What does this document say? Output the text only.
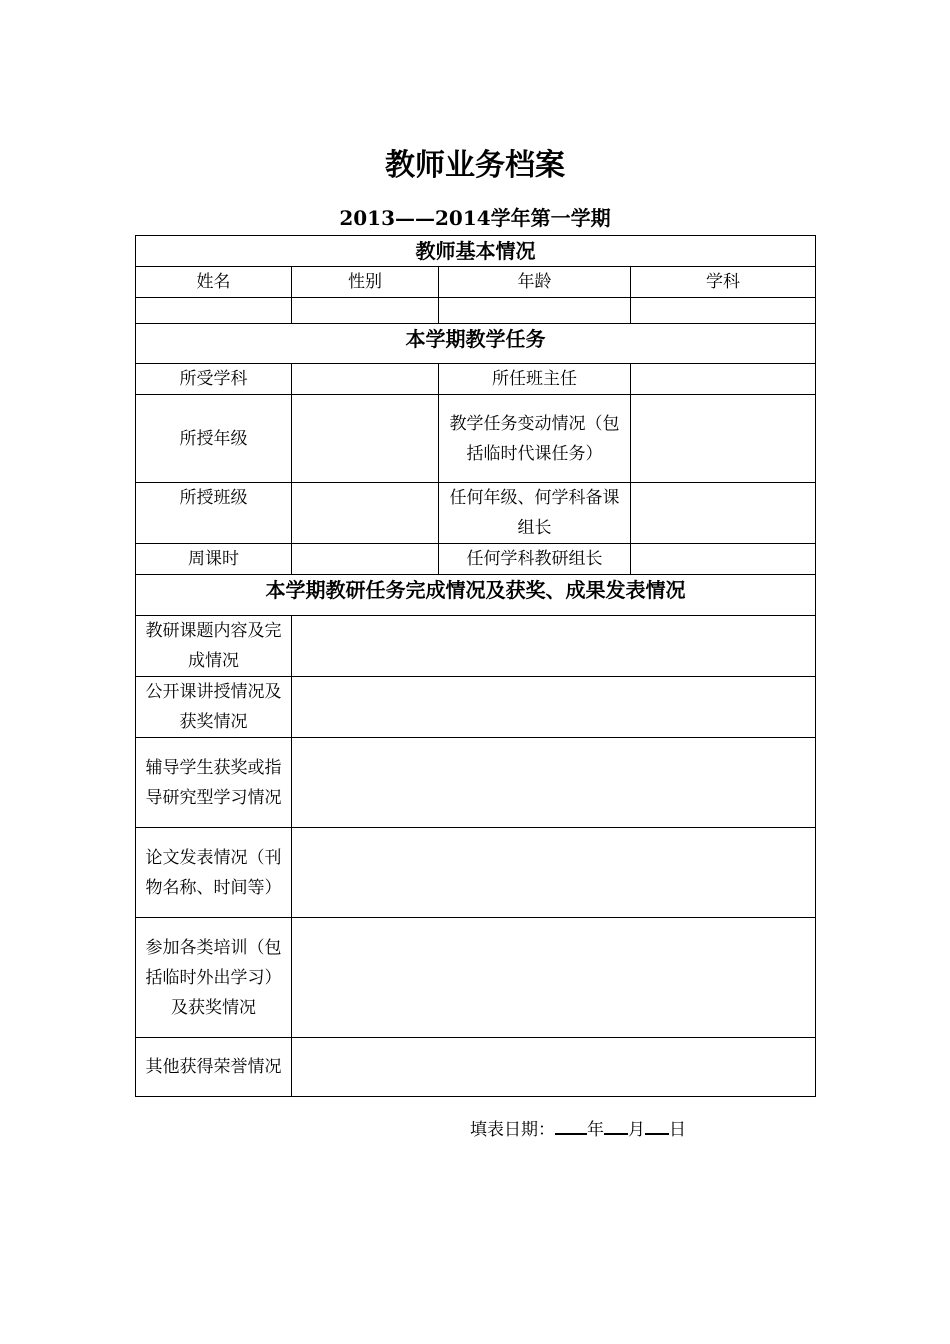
教师业务档案
2013——2014学年第一学期
教师基本情况			
姓名	性别	年龄	学科

本学期教学任务			
所受学科		所任班主任	
所授年级		教学任务变动情况（包括临时代课任务）	
所授班级		任何年级、何学科备课组长	
周课时		任何学科教研组长	
本学期教研任务完成情况及获奖、成果发表情况			
教研课题内容及完成情况			
公开课讲授情况及获奖情况			
辅导学生获奖或指导研究型学习情况			
论文发表情况（刊物名称、时间等）			
参加各类培训（包括临时外出学习）及获奖情况			
其他获得荣誉情况			
填表日期： 年 月 日
